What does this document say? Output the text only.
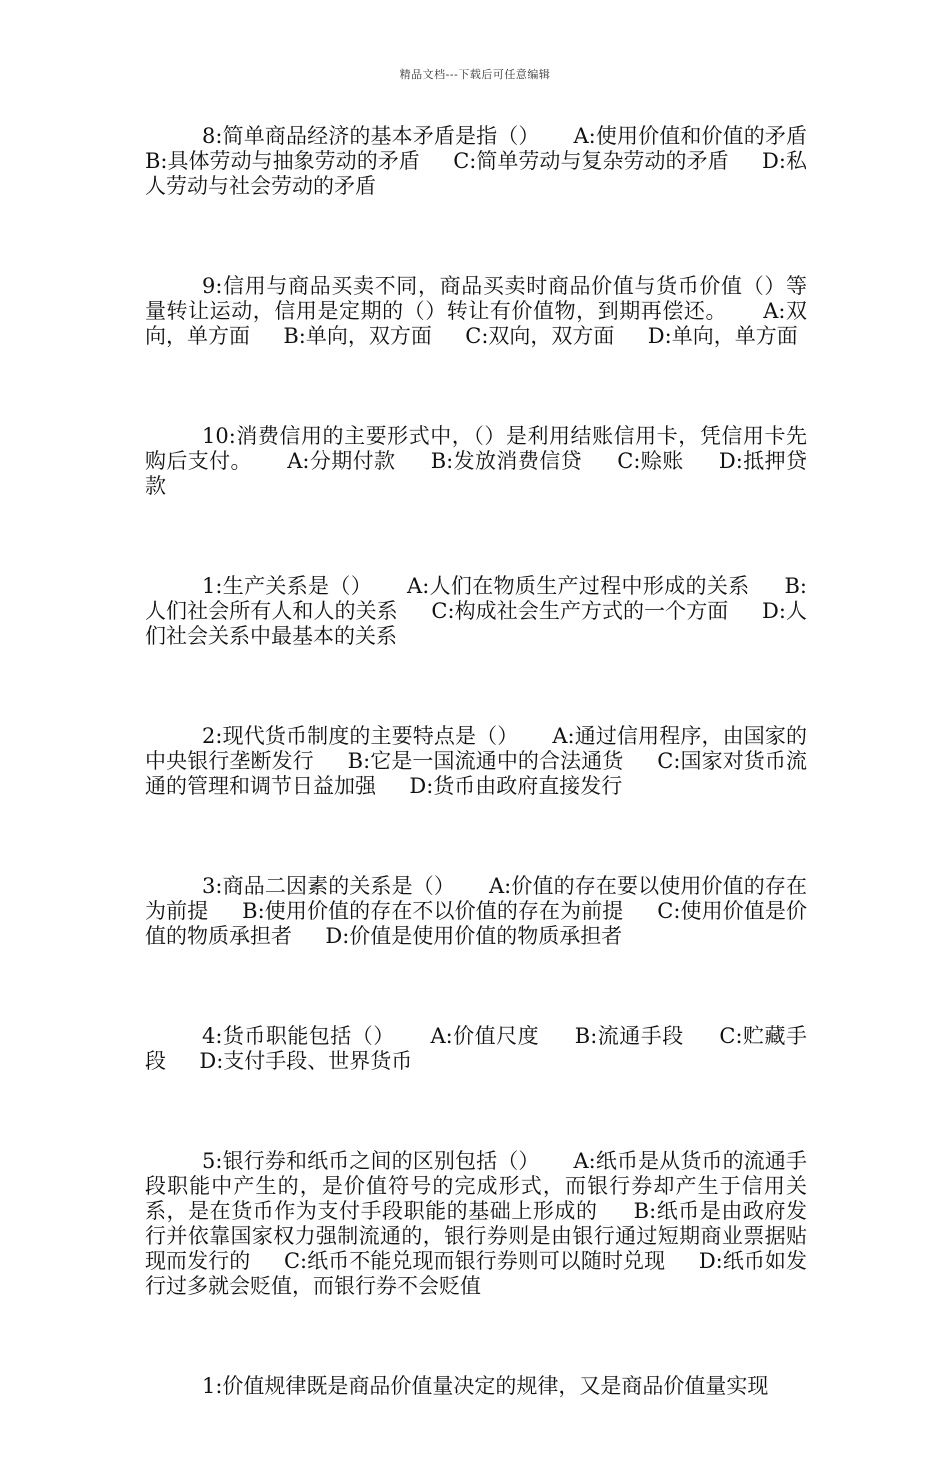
精品文档---下载后可任意编辑

8:简单商品经济的基本矛盾是指（）     A:使用价值和价值的矛盾     B:具体劳动与抽象劳动的矛盾     C:简单劳动与复杂劳动的矛盾     D:私人劳动与社会劳动的矛盾

9:信用与商品买卖不同，商品买卖时商品价值与货币价值（）等量转让运动，信用是定期的（）转让有价值物，到期再偿还。     A:双向，单方面     B:单向，双方面     C:双向，双方面     D:单向，单方面

10:消费信用的主要形式中，（）是利用结账信用卡，凭信用卡先购后支付。     A:分期付款     B:发放消费信贷     C:赊账     D:抵押贷款

1:生产关系是（）     A:人们在物质生产过程中形成的关系     B:人们社会所有人和人的关系     C:构成社会生产方式的一个方面     D:人们社会关系中最基本的关系

2:现代货币制度的主要特点是（）     A:通过信用程序，由国家的中央银行垄断发行     B:它是一国流通中的合法通货     C:国家对货币流通的管理和调节日益加强     D:货币由政府直接发行

3:商品二因素的关系是（）     A:价值的存在要以使用价值的存在为前提     B:使用价值的存在不以价值的存在为前提     C:使用价值是价值的物质承担者     D:价值是使用价值的物质承担者

4:货币职能包括（）     A:价值尺度     B:流通手段     C:贮藏手段     D:支付手段、世界货币

5:银行券和纸币之间的区别包括（）     A:纸币是从货币的流通手段职能中产生的，是价值符号的完成形式，而银行券却产生于信用关系，是在货币作为支付手段职能的基础上形成的     B:纸币是由政府发行并依靠国家权力强制流通的，银行券则是由银行通过短期商业票据贴现而发行的     C:纸币不能兑现而银行券则可以随时兑现     D:纸币如发行过多就会贬值，而银行券不会贬值

1:价值规律既是商品价值量决定的规律，又是商品价值量实现
